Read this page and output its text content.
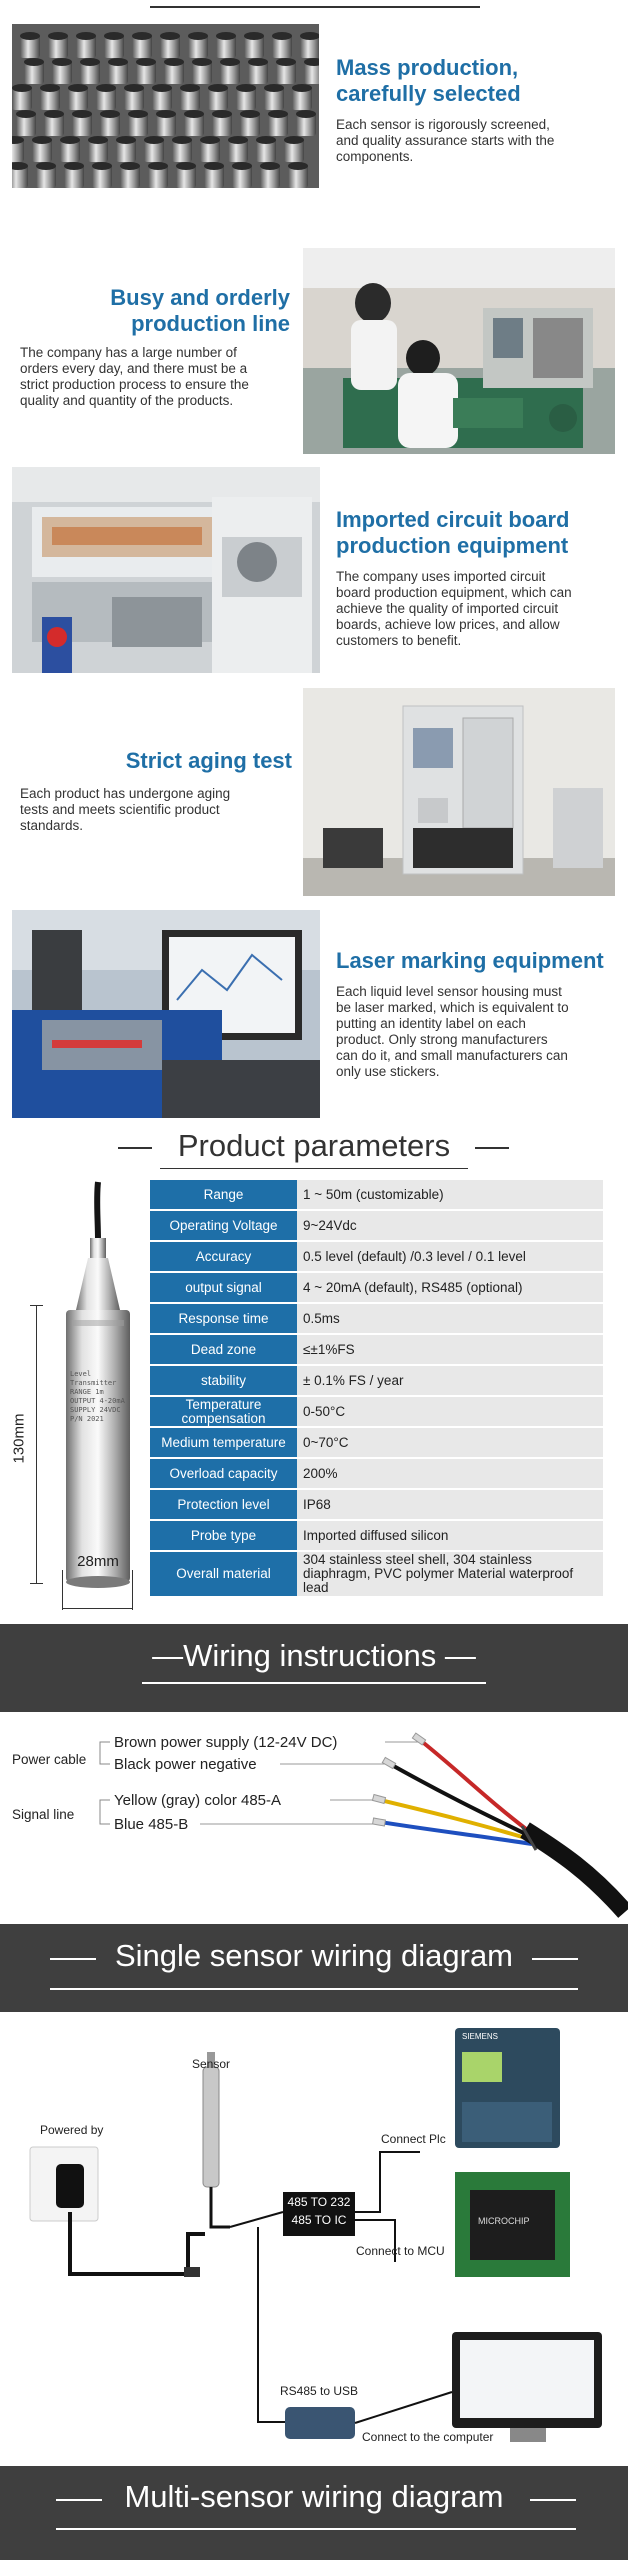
Mass production,
carefully selected
Each sensor is rigorously screened,
and quality assurance starts with the
components.
Busy and orderly
production line
The company has a large number of
orders every day, and there must be a
strict production process to ensure the
quality and quantity of the products.
Imported circuit board
production equipment
The company uses imported circuit
board production equipment, which can
achieve the quality of imported circuit
boards, achieve low prices, and allow
customers to benefit.
Strict aging test
Each product has undergone aging
tests and meets scientific product
standards.
Laser marking equipment
Each liquid level sensor housing must
be laser marked, which is equivalent to
putting an identity label on each
product. Only strong manufacturers
can do it, and small manufacturers can
only use stickers.
Product parameters
Level Transmitter
RANGE 1m
OUTPUT 4-20mA
SUPPLY 24VDC
P/N 2021
130mm
28mm
Range	1 ~ 50m (customizable)
Operating Voltage	9~24Vdc
Accuracy	0.5 level (default) /0.3 level / 0.1 level
output signal	4 ~ 20mA (default), RS485 (optional)
Response time	0.5ms
Dead zone	≤±1%FS
stability	± 0.1% FS / year
Temperature compensation	0-50°C
Medium temperature	0~70°C
Overload capacity	200%
Protection level	IP68
Probe type	Imported diffused silicon
Overall material	304 stainless steel shell, 304 stainless diaphragm, PVC polymer Material waterproof lead
—Wiring instructions —
Power cable
Signal line
Brown power supply (12-24V DC)
Black power negative
Yellow (gray) color 485-A
Blue 485-B
Single sensor wiring diagram
Powered by
Sensor
485 TO 232
485 TO IC
Connect Plc
Connect to MCU
RS485 to USB
Connect to the computer
SIEMENS
MICROCHIP
Multi-sensor wiring diagram
